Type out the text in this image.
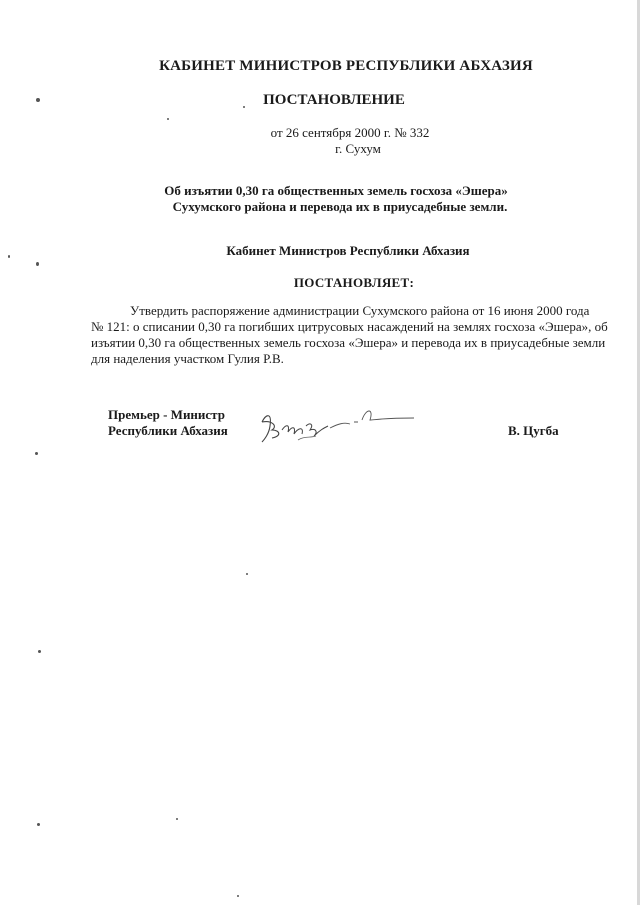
КАБИНЕТ МИНИСТРОВ РЕСПУБЛИКИ АБХАЗИЯ
ПОСТАНОВЛЕНИЕ
от 26 сентября 2000 г. № 332
г. Сухум
Об изъятии 0,30 га общественных земель госхоза «Эшера»
Сухумского района и перевода их в приусадебные земли.
Кабинет Министров Республики Абхазия
ПОСТАНОВЛЯЕТ:
Утвердить распоряжение администрации Сухумского района от 16 июня 2000 года
№ 121: о списании 0,30 га погибших цитрусовых насаждений на землях госхоза «Эшера», об
изъятии 0,30 га общественных земель госхоза «Эшера» и перевода их в приусадебные земли
для наделения участком Гулия Р.В.
Премьер - Министр
Республики Абхазия	В. Цугба
